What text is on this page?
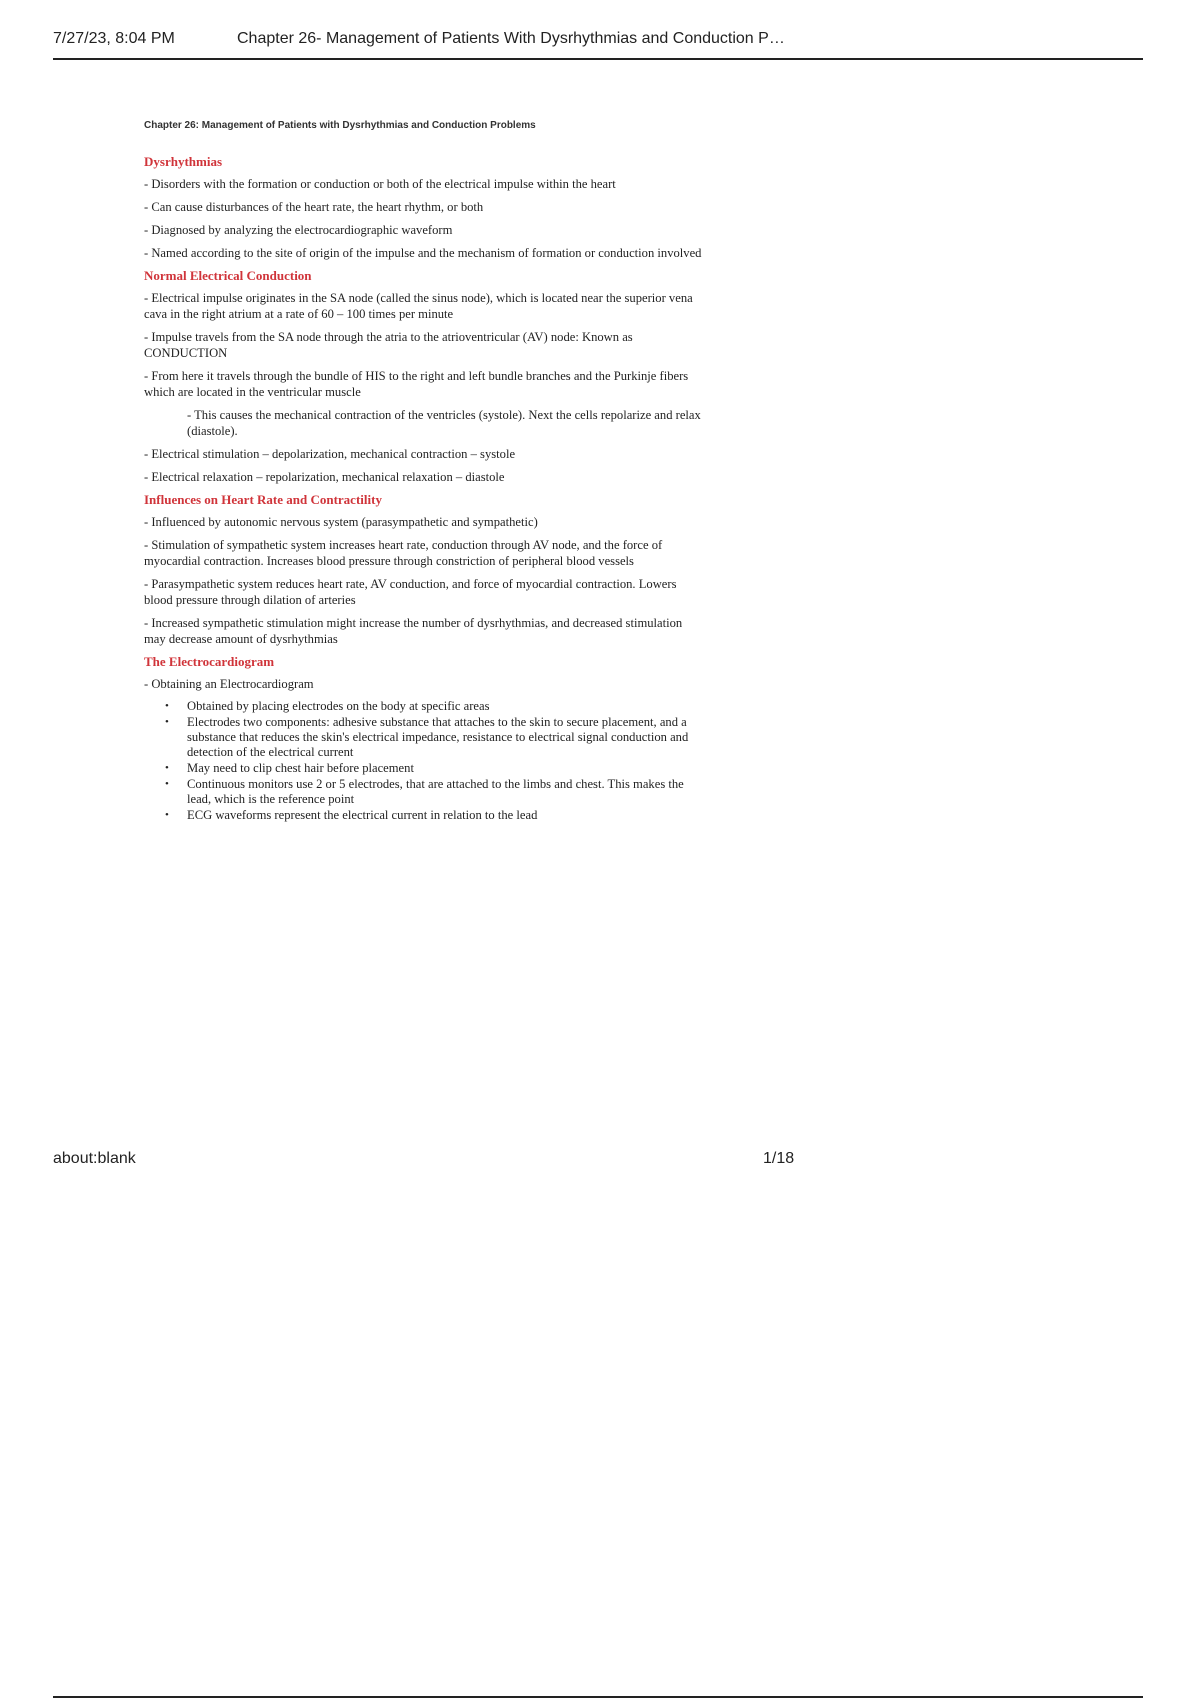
7/27/23, 8:04 PM	Chapter 26- Management of Patients With Dysrhythmias and Conduction P…
Chapter 26: Management of Patients with Dysrhythmias and Conduction Problems
Dysrhythmias
- Disorders with the formation or conduction or both of the electrical impulse within the heart
- Can cause disturbances of the heart rate, the heart rhythm, or both
- Diagnosed by analyzing the electrocardiographic waveform
- Named according to the site of origin of the impulse and the mechanism of formation or conduction involved
Normal Electrical Conduction
- Electrical impulse originates in the SA node (called the sinus node), which is located near the superior vena cava in the right atrium at a rate of 60 – 100 times per minute
- Impulse travels from the SA node through the atria to the atrioventricular (AV) node: Known as CONDUCTION
- From here it travels through the bundle of HIS to the right and left bundle branches and the Purkinje fibers which are located in the ventricular muscle
- This causes the mechanical contraction of the ventricles (systole). Next the cells repolarize and relax (diastole).
- Electrical stimulation – depolarization, mechanical contraction – systole
- Electrical relaxation – repolarization, mechanical relaxation – diastole
Influences on Heart Rate and Contractility
- Influenced by autonomic nervous system (parasympathetic and sympathetic)
- Stimulation of sympathetic system increases heart rate, conduction through AV node, and the force of myocardial contraction. Increases blood pressure through constriction of peripheral blood vessels
- Parasympathetic system reduces heart rate, AV conduction, and force of myocardial contraction. Lowers blood pressure through dilation of arteries
- Increased sympathetic stimulation might increase the number of dysrhythmias, and decreased stimulation may decrease amount of dysrhythmias
The Electrocardiogram
- Obtaining an Electrocardiogram
• Obtained by placing electrodes on the body at specific areas
• Electrodes two components: adhesive substance that attaches to the skin to secure placement, and a substance that reduces the skin's electrical impedance, resistance to electrical signal conduction and detection of the electrical current
• May need to clip chest hair before placement
• Continuous monitors use 2 or 5 electrodes, that are attached to the limbs and chest. This makes the lead, which is the reference point
• ECG waveforms represent the electrical current in relation to the lead
about:blank	1/18
